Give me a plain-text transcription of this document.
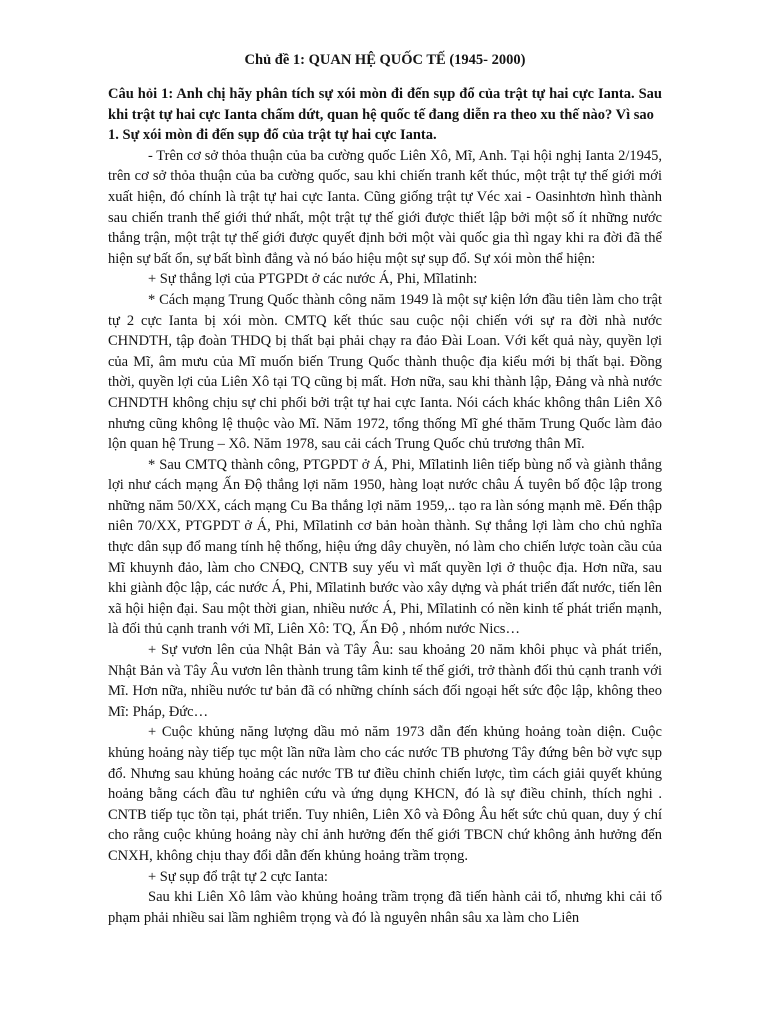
Chủ đề 1: QUAN HỆ QUỐC TẾ (1945- 2000)

Câu hỏi 1: Anh chị hãy phân tích sự xói mòn đi đến sụp đổ của trật tự hai cực Ianta. Sau khi trật tự hai cực Ianta chấm dứt, quan hệ quốc tế đang diễn ra theo xu thế nào? Vì sao

1. Sự xói mòn đi đến sụp đổ của trật tự hai cực Ianta.

- Trên cơ sở thỏa thuận của ba cường quốc Liên Xô, Mĩ, Anh. Tại hội nghị Ianta 2/1945, trên cơ sở thỏa thuận của ba cường quốc, sau khi chiến tranh kết thúc, một trật tự thế giới mới xuất hiện, đó chính là trật tự hai cực Ianta. Cũng giống trật tự Véc xai - Oasinhtơn hình thành sau chiến tranh thế giới thứ nhất, một trật tự thế giới được thiết lập bởi một số ít những nước thắng trận, một trật tự thế giới được quyết định bởi một vài quốc gia thì ngay khi ra đời đã thể hiện sự bất ổn, sự bất bình đẳng và nó báo hiệu một sự sụp đổ. Sự xói mòn thể hiện:

+ Sự thắng lợi của PTGPDt ở các nước Á, Phi, Mĩlatinh:

* Cách mạng Trung Quốc thành công năm 1949 là một sự kiện lớn đầu tiên làm cho trật tự 2 cực Ianta bị xói mòn. CMTQ kết thúc sau cuộc nội chiến với sự ra đời nhà nước CHNDTH, tập đoàn THDQ bị thất bại phải chạy ra đảo Đài Loan. Với kết quả này, quyền lợi của Mĩ, âm mưu của Mĩ muốn biến Trung Quốc thành thuộc địa kiểu mới bị thất bại. Đồng thời, quyền lợi của Liên Xô tại TQ cũng bị mất. Hơn nữa, sau khi thành lập, Đảng và nhà nước CHNDTH không chịu sự chi phối bởi trật tự hai cực Ianta. Nói cách khác không thân Liên Xô nhưng cũng không lệ thuộc vào Mĩ. Năm 1972, tổng thống Mĩ ghé thăm Trung Quốc làm đảo lộn quan hệ Trung – Xô. Năm 1978, sau cải cách Trung Quốc chủ trương thân Mĩ.

* Sau CMTQ thành công, PTGPDT ở Á, Phi, Mĩlatinh liên tiếp bùng nổ và giành thắng lợi như cách mạng Ấn Độ thắng lợi năm 1950, hàng loạt nước châu Á tuyên bố độc lập trong những năm 50/XX, cách mạng Cu Ba thắng lợi năm 1959,.. tạo ra làn sóng mạnh mẽ. Đến thập niên 70/XX, PTGPDT ở Á, Phi, Mĩlatinh cơ bản hoàn thành. Sự thắng lợi làm cho chủ nghĩa thực dân sụp đổ mang tính hệ thống, hiệu ứng dây chuyền, nó làm cho chiến lược toàn cầu của Mĩ khuynh đảo, làm cho CNĐQ, CNTB suy yếu vì mất quyền lợi ở thuộc địa. Hơn nữa, sau khi giành độc lập, các nước Á, Phi, Mĩlatinh bước vào xây dựng và phát triển đất nước, tiến lên xã hội hiện đại. Sau một thời gian, nhiều nước Á, Phi, Mĩlatinh có nền kinh tế phát triển mạnh, là đối thủ cạnh tranh với Mĩ, Liên Xô: TQ, Ấn Độ , nhóm nước Nics…

+ Sự vươn lên của Nhật Bản và Tây Âu: sau khoảng 20 năm khôi phục và phát triển, Nhật Bản và Tây Âu vươn lên thành trung tâm kinh tế thế giới, trở thành đối thủ cạnh tranh với Mĩ. Hơn nữa, nhiều nước tư bản đã có những chính sách đối ngoại hết sức độc lập, không theo Mĩ: Pháp, Đức…

+ Cuộc khủng năng lượng dầu mỏ năm 1973 dẫn đến khủng hoảng toàn diện. Cuộc khủng hoảng này tiếp tục một lần nữa làm cho các nước TB phương Tây đứng bên bờ vực sụp đổ. Nhưng sau khủng hoảng các nước TB tư điều chỉnh chiến lược, tìm cách giải quyết khủng hoảng bằng cách đầu tư nghiên cứu và ứng dụng KHCN, đó là sự điều chỉnh, thích nghi . CNTB tiếp tục tồn tại, phát triển. Tuy nhiên, Liên Xô và Đông Âu hết sức chủ quan, duy ý chí cho rằng cuộc khủng hoảng này chỉ ảnh hưởng đến thế giới TBCN chứ không ảnh hưởng đến CNXH, không chịu thay đổi dẫn đến khủng hoảng trầm trọng.

+ Sự sụp đổ trật tự 2 cực Ianta:

Sau khi Liên Xô lâm vào khủng hoảng trầm trọng đã tiến hành cải tổ, nhưng khi cải tổ phạm phải nhiều sai lầm nghiêm trọng và đó là nguyên nhân sâu xa làm cho Liên
